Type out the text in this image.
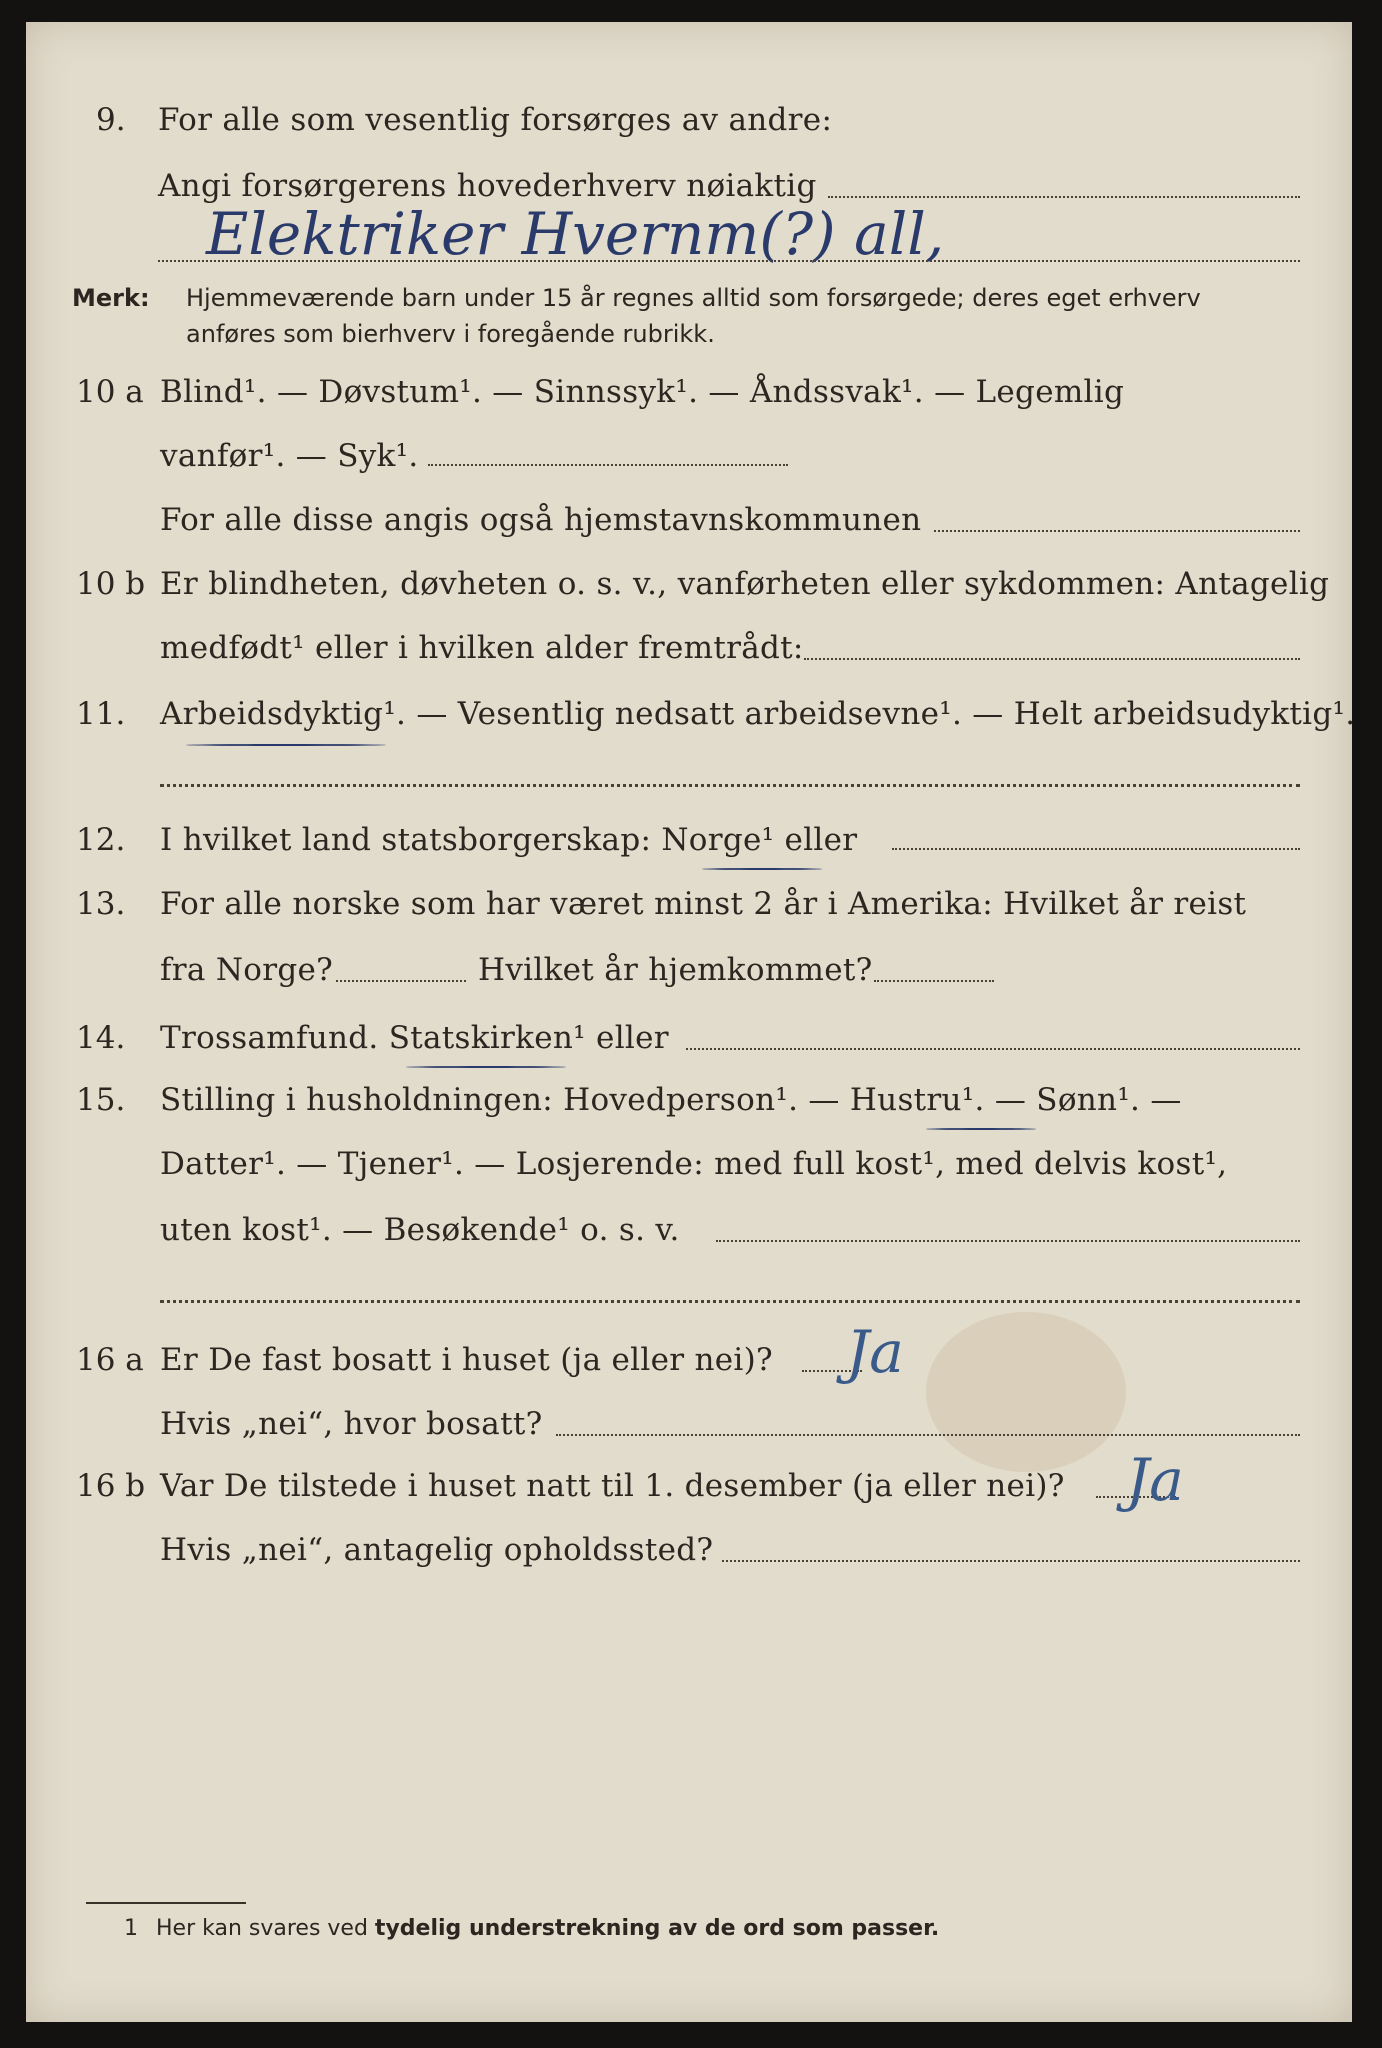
9. For alle som vesentlig forsørges av andre:
Angi forsørgerens hovederhverv nøiaktig
Elektriker Hvernm(?) all,
Merk: Hjemmeværende barn under 15 år regnes alltid som forsørgede; deres eget erhverv
anføres som bierhverv i foregående rubrikk.
10 a Blind¹. — Døvstum¹. — Sinnssyk¹. — Åndssvak¹. — Legemlig
vanfør¹. — Syk¹.
For alle disse angis også hjemstavnskommunen
10 b Er blindheten, døvheten o. s. v., vanførheten eller sykdommen: Antagelig
medfødt¹ eller i hvilken alder fremtrådt:
11. Arbeidsdyktig¹. — Vesentlig nedsatt arbeidsevne¹. — Helt arbeidsudyktig¹.
12. I hvilket land statsborgerskap: Norge¹ eller
13. For alle norske som har været minst 2 år i Amerika: Hvilket år reist
fra Norge?	Hvilket år hjemkommet?
14. Trossamfund. Statskirken¹ eller
15. Stilling i husholdningen: Hovedperson¹. — Hustru¹. — Sønn¹. —
Datter¹. — Tjener¹. — Losjerende: med full kost¹, med delvis kost¹,
uten kost¹. — Besøkende¹ o. s. v.
16 a Er De fast bosatt i huset (ja eller nei)? Ja
Hvis „nei“, hvor bosatt?
16 b Var De tilstede i huset natt til 1. desember (ja eller nei)? Ja
Hvis „nei“, antagelig opholdssted?
1 Her kan svares ved tydelig understrekning av de ord som passer.
